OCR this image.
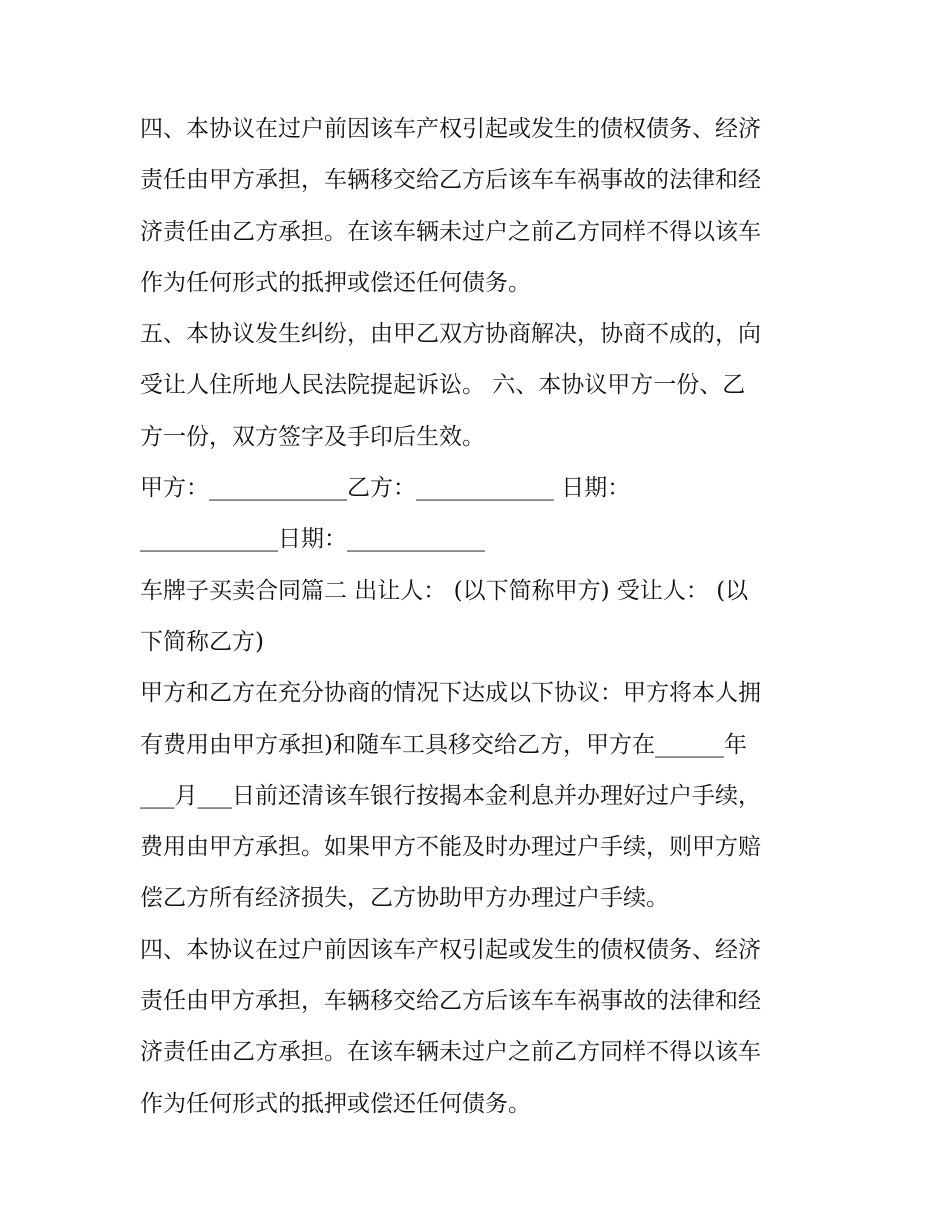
四、本协议在过户前因该车产权引起或发生的债权债务、经济
责任由甲方承担，车辆移交给乙方后该车车祸事故的法律和经
济责任由乙方承担。在该车辆未过户之前乙方同样不得以该车
作为任何形式的抵押或偿还任何债务。
五、本协议发生纠纷，由甲乙双方协商解决，协商不成的，向
受让人住所地人民法院提起诉讼。 六、本协议甲方一份、乙
方一份，双方签字及手印后生效。
甲方：____________乙方：____________ 日期：
____________日期：____________
车牌子买卖合同篇二 出让人： (以下简称甲方) 受让人： (以
下简称乙方)
甲方和乙方在充分协商的情况下达成以下协议：甲方将本人拥
有费用由甲方承担)和随车工具移交给乙方，甲方在______年
___月___日前还清该车银行按揭本金利息并办理好过户手续，
费用由甲方承担。如果甲方不能及时办理过户手续，则甲方赔
偿乙方所有经济损失，乙方协助甲方办理过户手续。
四、本协议在过户前因该车产权引起或发生的债权债务、经济
责任由甲方承担，车辆移交给乙方后该车车祸事故的法律和经
济责任由乙方承担。在该车辆未过户之前乙方同样不得以该车
作为任何形式的抵押或偿还任何债务。
